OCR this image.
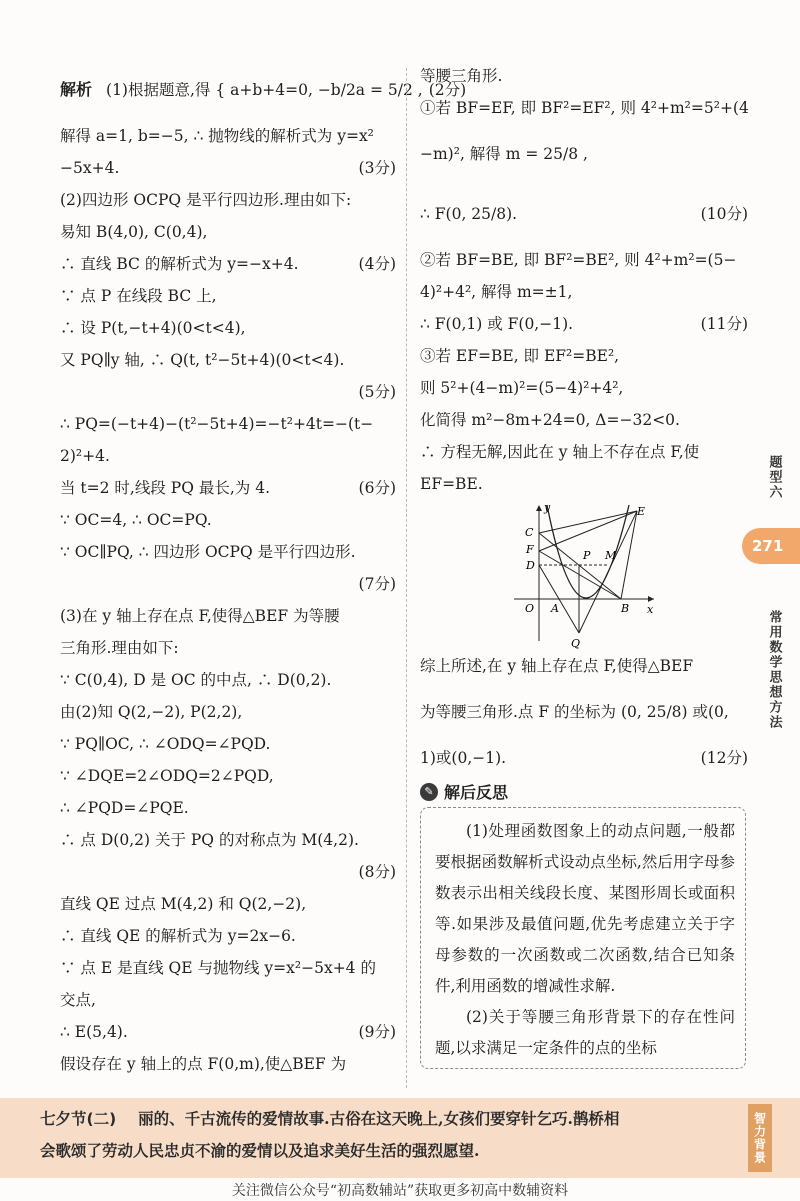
解析 (1)根据题意,得 { a+b+4=0, −b/2a = 5/2 , (2分)
解得 a=1, b=−5, ∴ 抛物线的解析式为 y=x²
−5x+4.	(3分)
(2)四边形 OCPQ 是平行四边形.理由如下:
易知 B(4,0), C(0,4),
∴ 直线 BC 的解析式为 y=−x+4.	(4分)
∵ 点 P 在线段 BC 上,
∴ 设 P(t,−t+4)(0<t<4),
又 PQ∥y 轴, ∴ Q(t, t²−5t+4)(0<t<4).
(5分)
∴ PQ=(−t+4)−(t²−5t+4)=−t²+4t=−(t−
2)²+4.
当 t=2 时,线段 PQ 最长,为 4.	(6分)
∵ OC=4, ∴ OC=PQ.
∵ OC∥PQ, ∴ 四边形 OCPQ 是平行四边形.
(7分)
(3)在 y 轴上存在点 F,使得△BEF 为等腰
三角形.理由如下:
∵ C(0,4), D 是 OC 的中点, ∴ D(0,2).
由(2)知 Q(2,−2), P(2,2),
∵ PQ∥OC, ∴ ∠ODQ=∠PQD.
∵ ∠DQE=2∠ODQ=2∠PQD,
∴ ∠PQD=∠PQE.
∴ 点 D(0,2) 关于 PQ 的对称点为 M(4,2).
(8分)
直线 QE 过点 M(4,2) 和 Q(2,−2),
∴ 直线 QE 的解析式为 y=2x−6.
∵ 点 E 是直线 QE 与抛物线 y=x²−5x+4 的
交点,
∴ E(5,4).	(9分)
假设存在 y 轴上的点 F(0,m),使△BEF 为
等腰三角形.
①若 BF=EF, 即 BF²=EF², 则 4²+m²=5²+(4
−m)², 解得 m = 25/8 ,
∴ F(0, 25/8).	(10分)
②若 BF=BE, 即 BF²=BE², 则 4²+m²=(5−
4)²+4², 解得 m=±1,
∴ F(0,1) 或 F(0,−1).	(11分)
③若 EF=BE, 即 EF²=BE²,
则 5²+(4−m)²=(5−4)²+4²,
化简得 m²−8m+24=0, Δ=−32<0.
∴ 方程无解,因此在 y 轴上不存在点 F,使
EF=BE.
y
x
O A	B
C
F
D
E
P M
Q
综上所述,在 y 轴上存在点 F,使得△BEF
为等腰三角形.点 F 的坐标为 (0, 25/8) 或(0,
1)或(0,−1).	(12分)
✎ 解后反思
(1)处理函数图象上的动点问题,一般都要根据函数解析式设动点坐标,然后用字母参数表示出相关线段长度、某图形周长或面积等.如果涉及最值问题,优先考虑建立关于字母参数的一次函数或二次函数,结合已知条件,利用函数的增减性求解.
(2)关于等腰三角形背景下的存在性问题,以求满足一定条件的点的坐标
题型六
常用数学思想方法
271
七夕节(二) 丽的、千古流传的爱情故事.古俗在这天晚上,女孩们要穿针乞巧.鹊桥相
会歌颂了劳动人民忠贞不渝的爱情以及追求美好生活的强烈愿望.	智力背景
关注微信公众号“初高数辅站”获取更多初高中数辅资料
